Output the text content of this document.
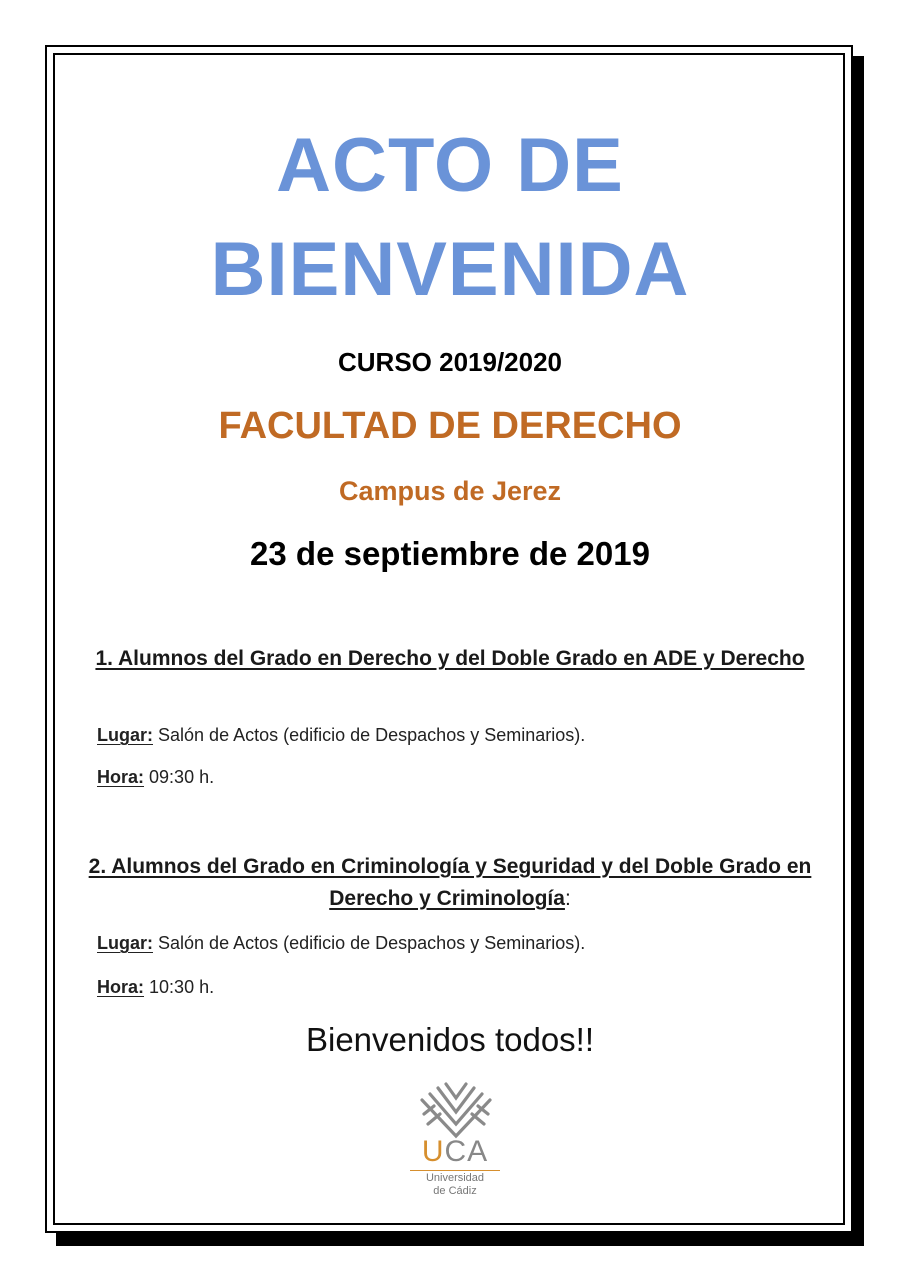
ACTO DE
BIENVENIDA
CURSO 2019/2020
FACULTAD DE DERECHO
Campus de Jerez
23 de septiembre de 2019
1. Alumnos del Grado en Derecho y del Doble Grado en ADE y Derecho
Lugar: Salón de Actos (edificio de Despachos y Seminarios).
Hora: 09:30 h.
2. Alumnos del Grado en Criminología y Seguridad y del Doble Grado en Derecho y Criminología:
Lugar: Salón de Actos (edificio de Despachos y Seminarios).
Hora: 10:30 h.
Bienvenidos todos!!
UCA
Universidad
de Cádiz
